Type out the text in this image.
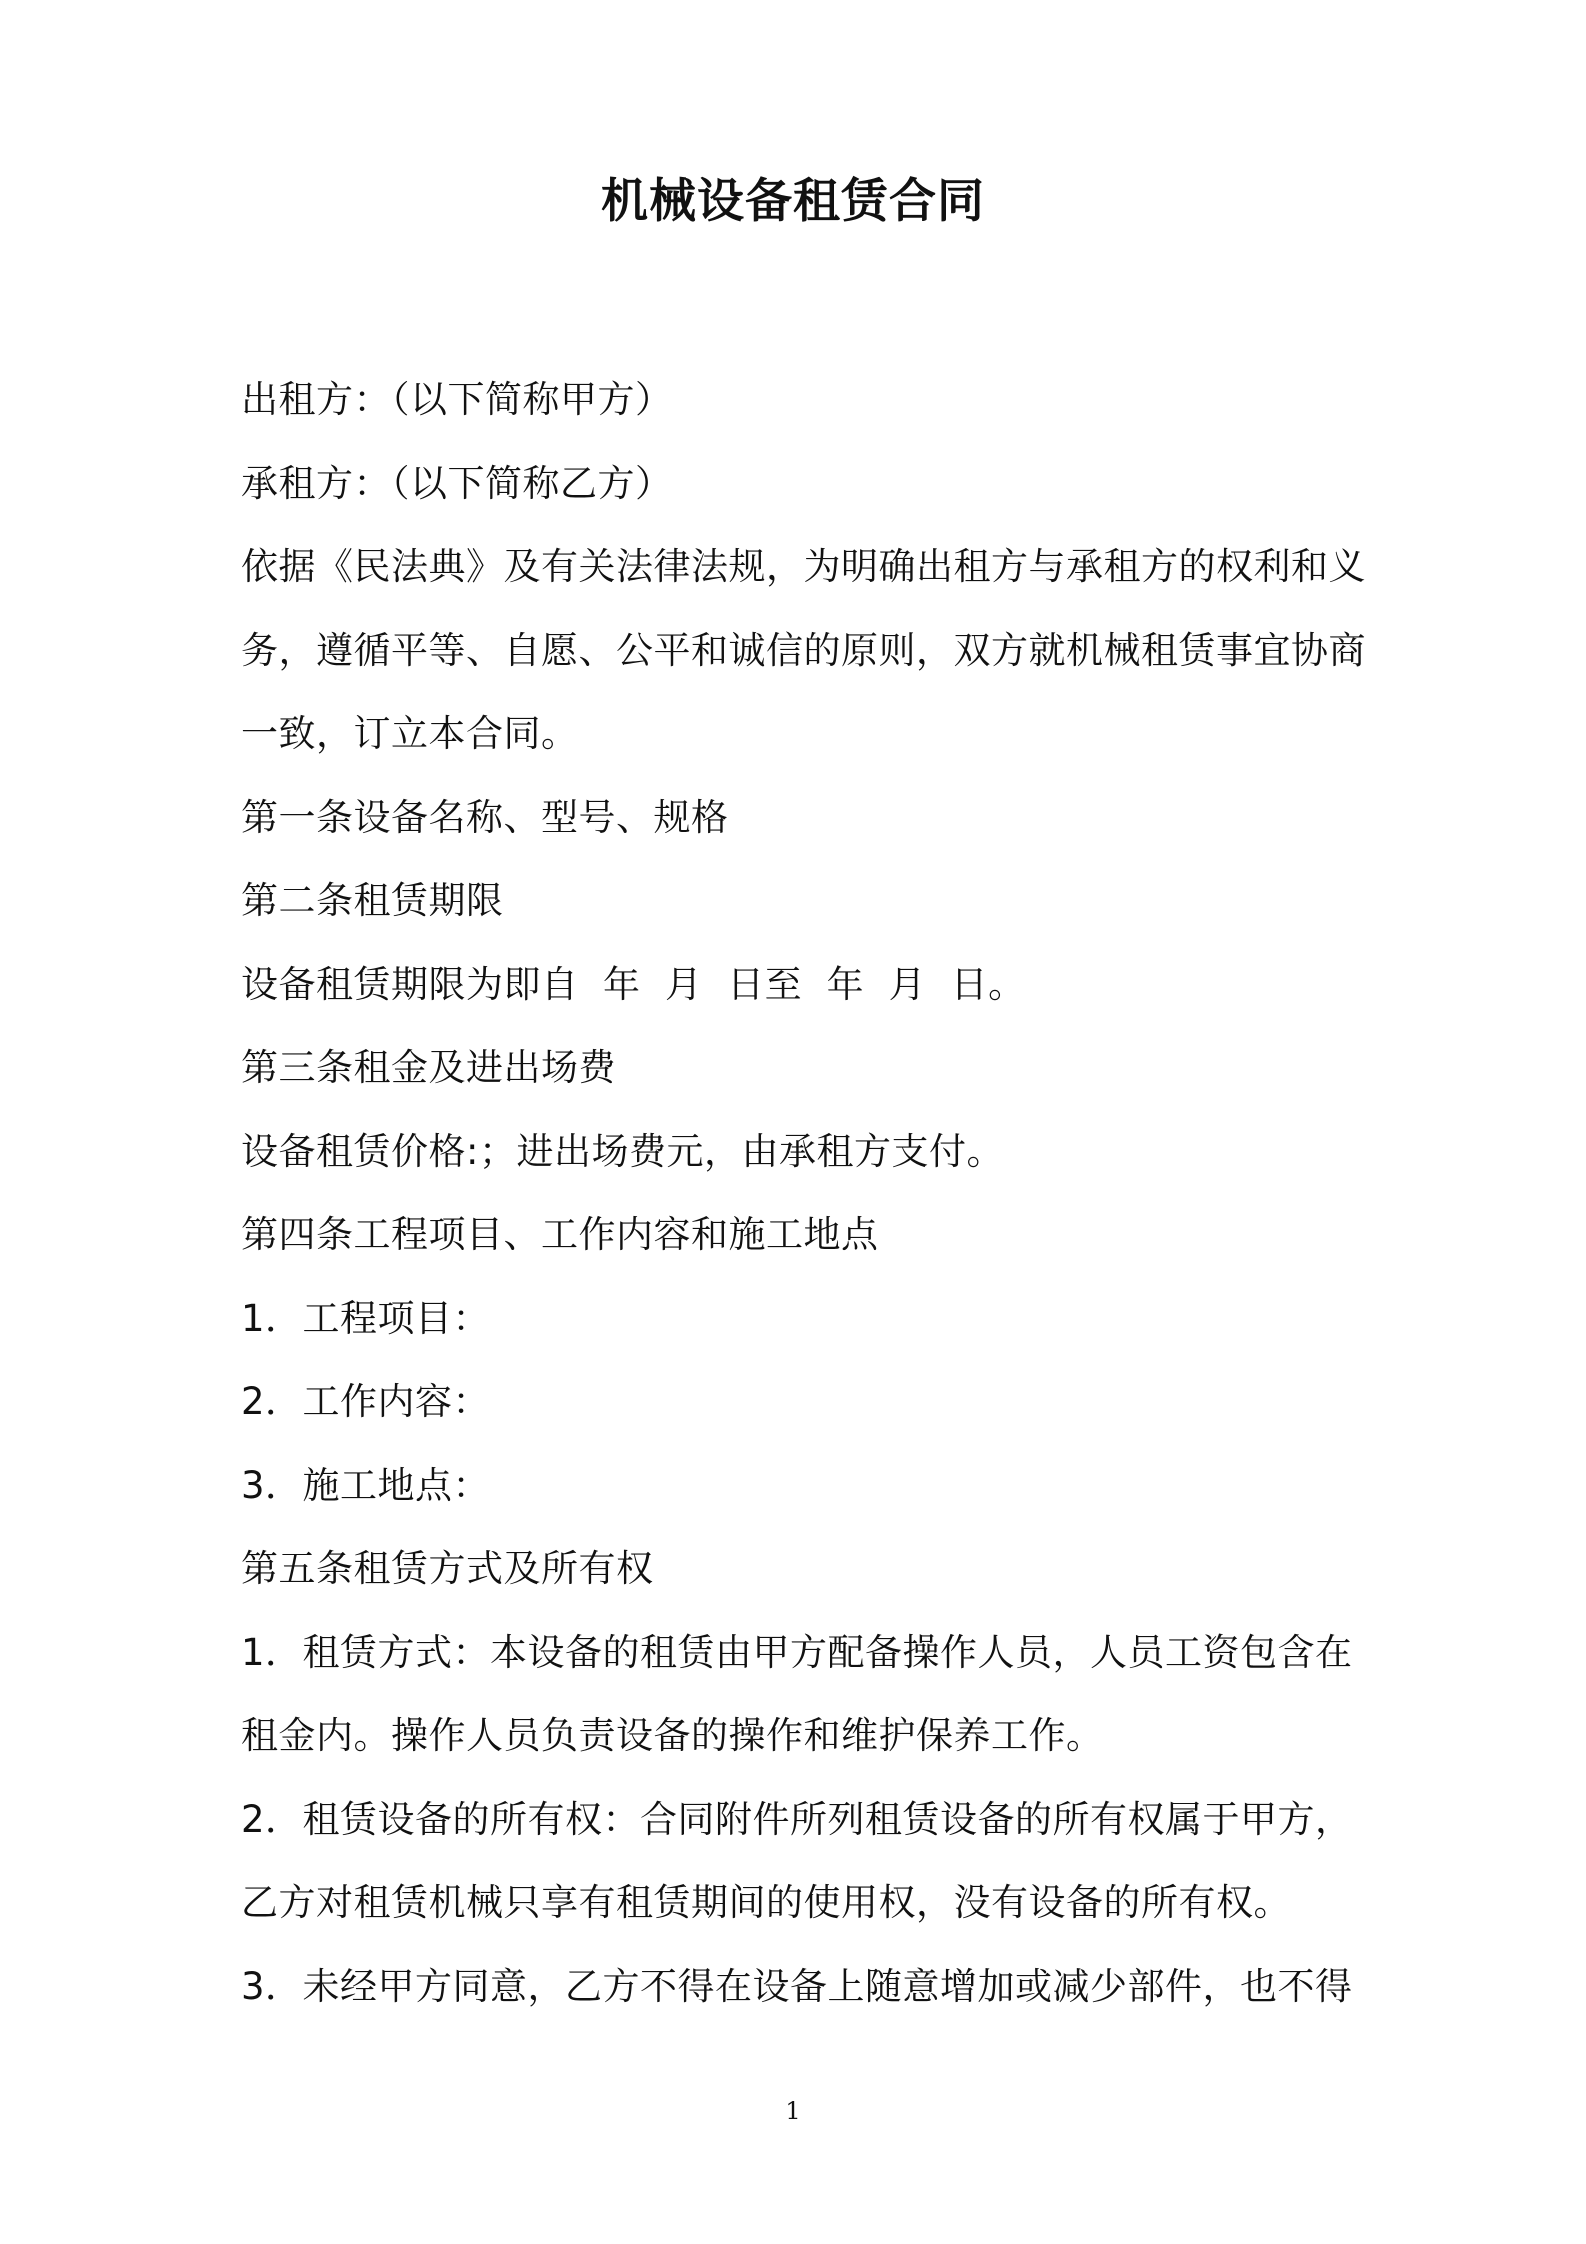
机械设备租赁合同
出租方：（以下简称甲方）
承租方：（以下简称乙方）
依据《民法典》及有关法律法规，为明确出租方与承租方的权利和义
务，遵循平等、自愿、公平和诚信的原则，双方就机械租赁事宜协商
一致，订立本合同。
第一条设备名称、型号、规格
第二条租赁期限
设备租赁期限为即自  年  月  日至  年  月  日。
第三条租金及进出场费
设备租赁价格:；进出场费元，由承租方支付。
第四条工程项目、工作内容和施工地点
1．工程项目：
2．工作内容：
3．施工地点：
第五条租赁方式及所有权
1．租赁方式：本设备的租赁由甲方配备操作人员，人员工资包含在
租金内。操作人员负责设备的操作和维护保养工作。
2．租赁设备的所有权：合同附件所列租赁设备的所有权属于甲方，
乙方对租赁机械只享有租赁期间的使用权，没有设备的所有权。
3．未经甲方同意，乙方不得在设备上随意增加或减少部件，也不得
1
